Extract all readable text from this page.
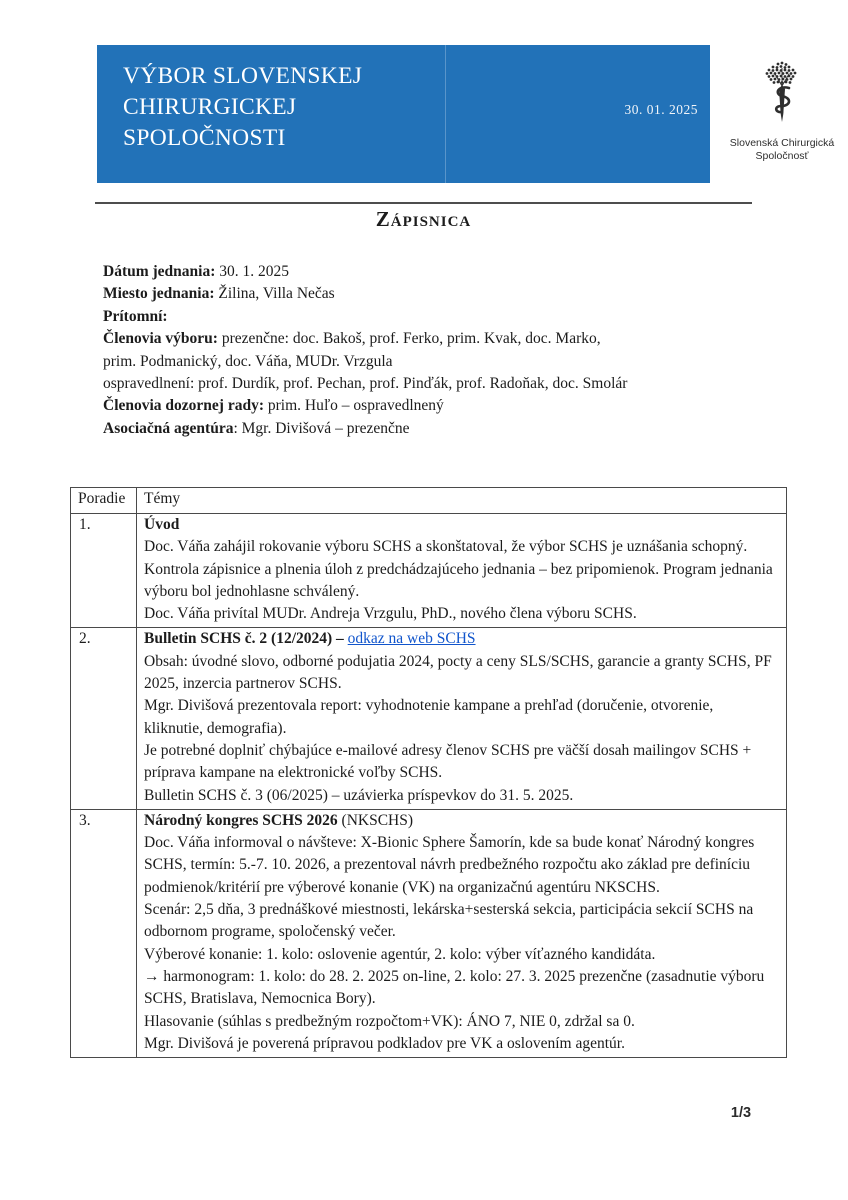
VÝBOR SLOVENSKEJ
CHIRURGICKEJ
SPOLOČNOSTI
30. 01. 2025
Slovenská Chirurgická
Spoločnosť
Zápisnica
Dátum jednania: 30. 1. 2025
Miesto jednania: Žilina, Villa Nečas
Prítomní:
Členovia výboru: prezenčne: doc. Bakoš, prof. Ferko, prim. Kvak, doc. Marko,
prim. Podmanický, doc. Váňa, MUDr. Vrzgula
ospravedlnení: prof. Durdík, prof. Pechan, prof. Pinďák, prof. Radoňak, doc. Smolár
Členovia dozornej rady: prim. Huľo – ospravedlnený
Asociačná agentúra: Mgr. Divišová – prezenčne
Poradie	Témy
1.	Úvod
Doc. Váňa zahájil rokovanie výboru SCHS a skonštatoval, že výbor SCHS je uznášania schopný.
Kontrola zápisnice a plnenia úloh z predchádzajúceho jednania – bez pripomienok. Program jednania výboru bol jednohlasne schválený.
Doc. Váňa privítal MUDr. Andreja Vrzgulu, PhD., nového člena výboru SCHS.

2.	Bulletin SCHS č. 2 (12/2024) – odkaz na web SCHS
Obsah: úvodné slovo, odborné podujatia 2024, pocty a ceny SLS/SCHS, garancie a granty SCHS, PF 2025, inzercia partnerov SCHS.
Mgr. Divišová prezentovala report: vyhodnotenie kampane a prehľad (doručenie, otvorenie, kliknutie, demografia).
Je potrebné doplniť chýbajúce e-mailové adresy členov SCHS pre väčší dosah mailingov SCHS + príprava kampane na elektronické voľby SCHS.
Bulletin SCHS č. 3 (06/2025) – uzávierka príspevkov do 31. 5. 2025.

3.	Národný kongres SCHS 2026 (NKSCHS)
Doc. Váňa informoval o návšteve: X-Bionic Sphere Šamorín, kde sa bude konať Národný kongres SCHS, termín: 5.-7. 10. 2026, a prezentoval návrh predbežného rozpočtu ako základ pre definíciu podmienok/kritérií pre výberové konanie (VK) na organizačnú agentúru NKSCHS.
Scenár: 2,5 dňa, 3 prednáškové miestnosti, lekárska+sesterská sekcia, participácia sekcií SCHS na odbornom programe, spoločenský večer.
Výberové konanie: 1. kolo: oslovenie agentúr, 2. kolo: výber víťazného kandidáta.
→ harmonogram: 1. kolo: do 28. 2. 2025 on-line, 2. kolo: 27. 3. 2025 prezenčne (zasadnutie výboru SCHS, Bratislava, Nemocnica Bory).
Hlasovanie (súhlas s predbežným rozpočtom+VK): ÁNO 7, NIE 0, zdržal sa 0.
Mgr. Divišová je poverená prípravou podkladov pre VK a oslovením agentúr.
1/3
